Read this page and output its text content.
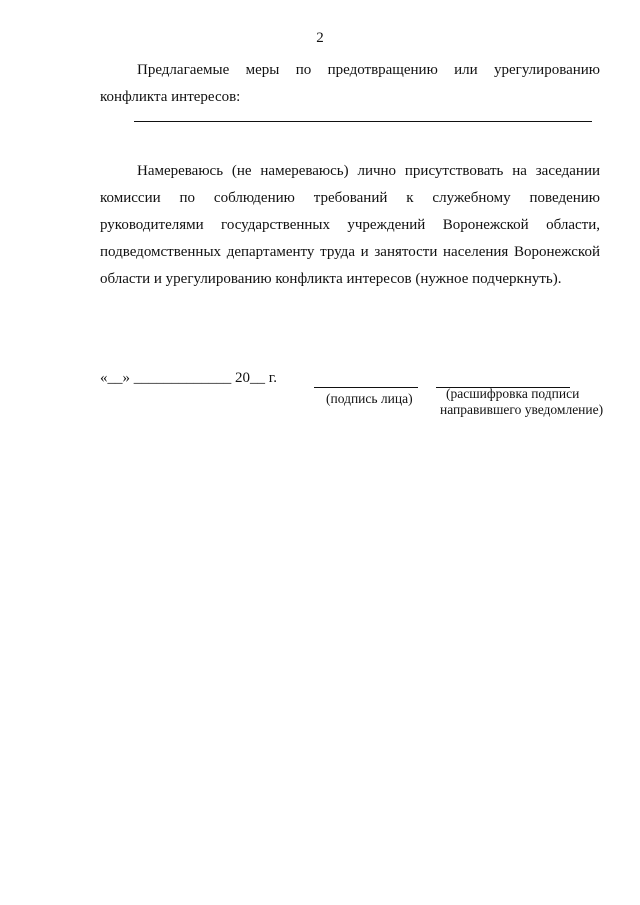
2
Предлагаемые меры по предотвращению или урегулированию
конфликта интересов:
Намереваюсь (не намереваюсь) лично присутствовать на заседании
комиссии по соблюдению требований к служебному поведению
руководителями государственных учреждений Воронежской области,
подведомственных департаменту труда и занятости населения Воронежской
области и урегулированию конфликта интересов (нужное подчеркнуть).
«__» _____________ 20__ г.
(подпись лица) (расшифровка подписи
направившего уведомление)
